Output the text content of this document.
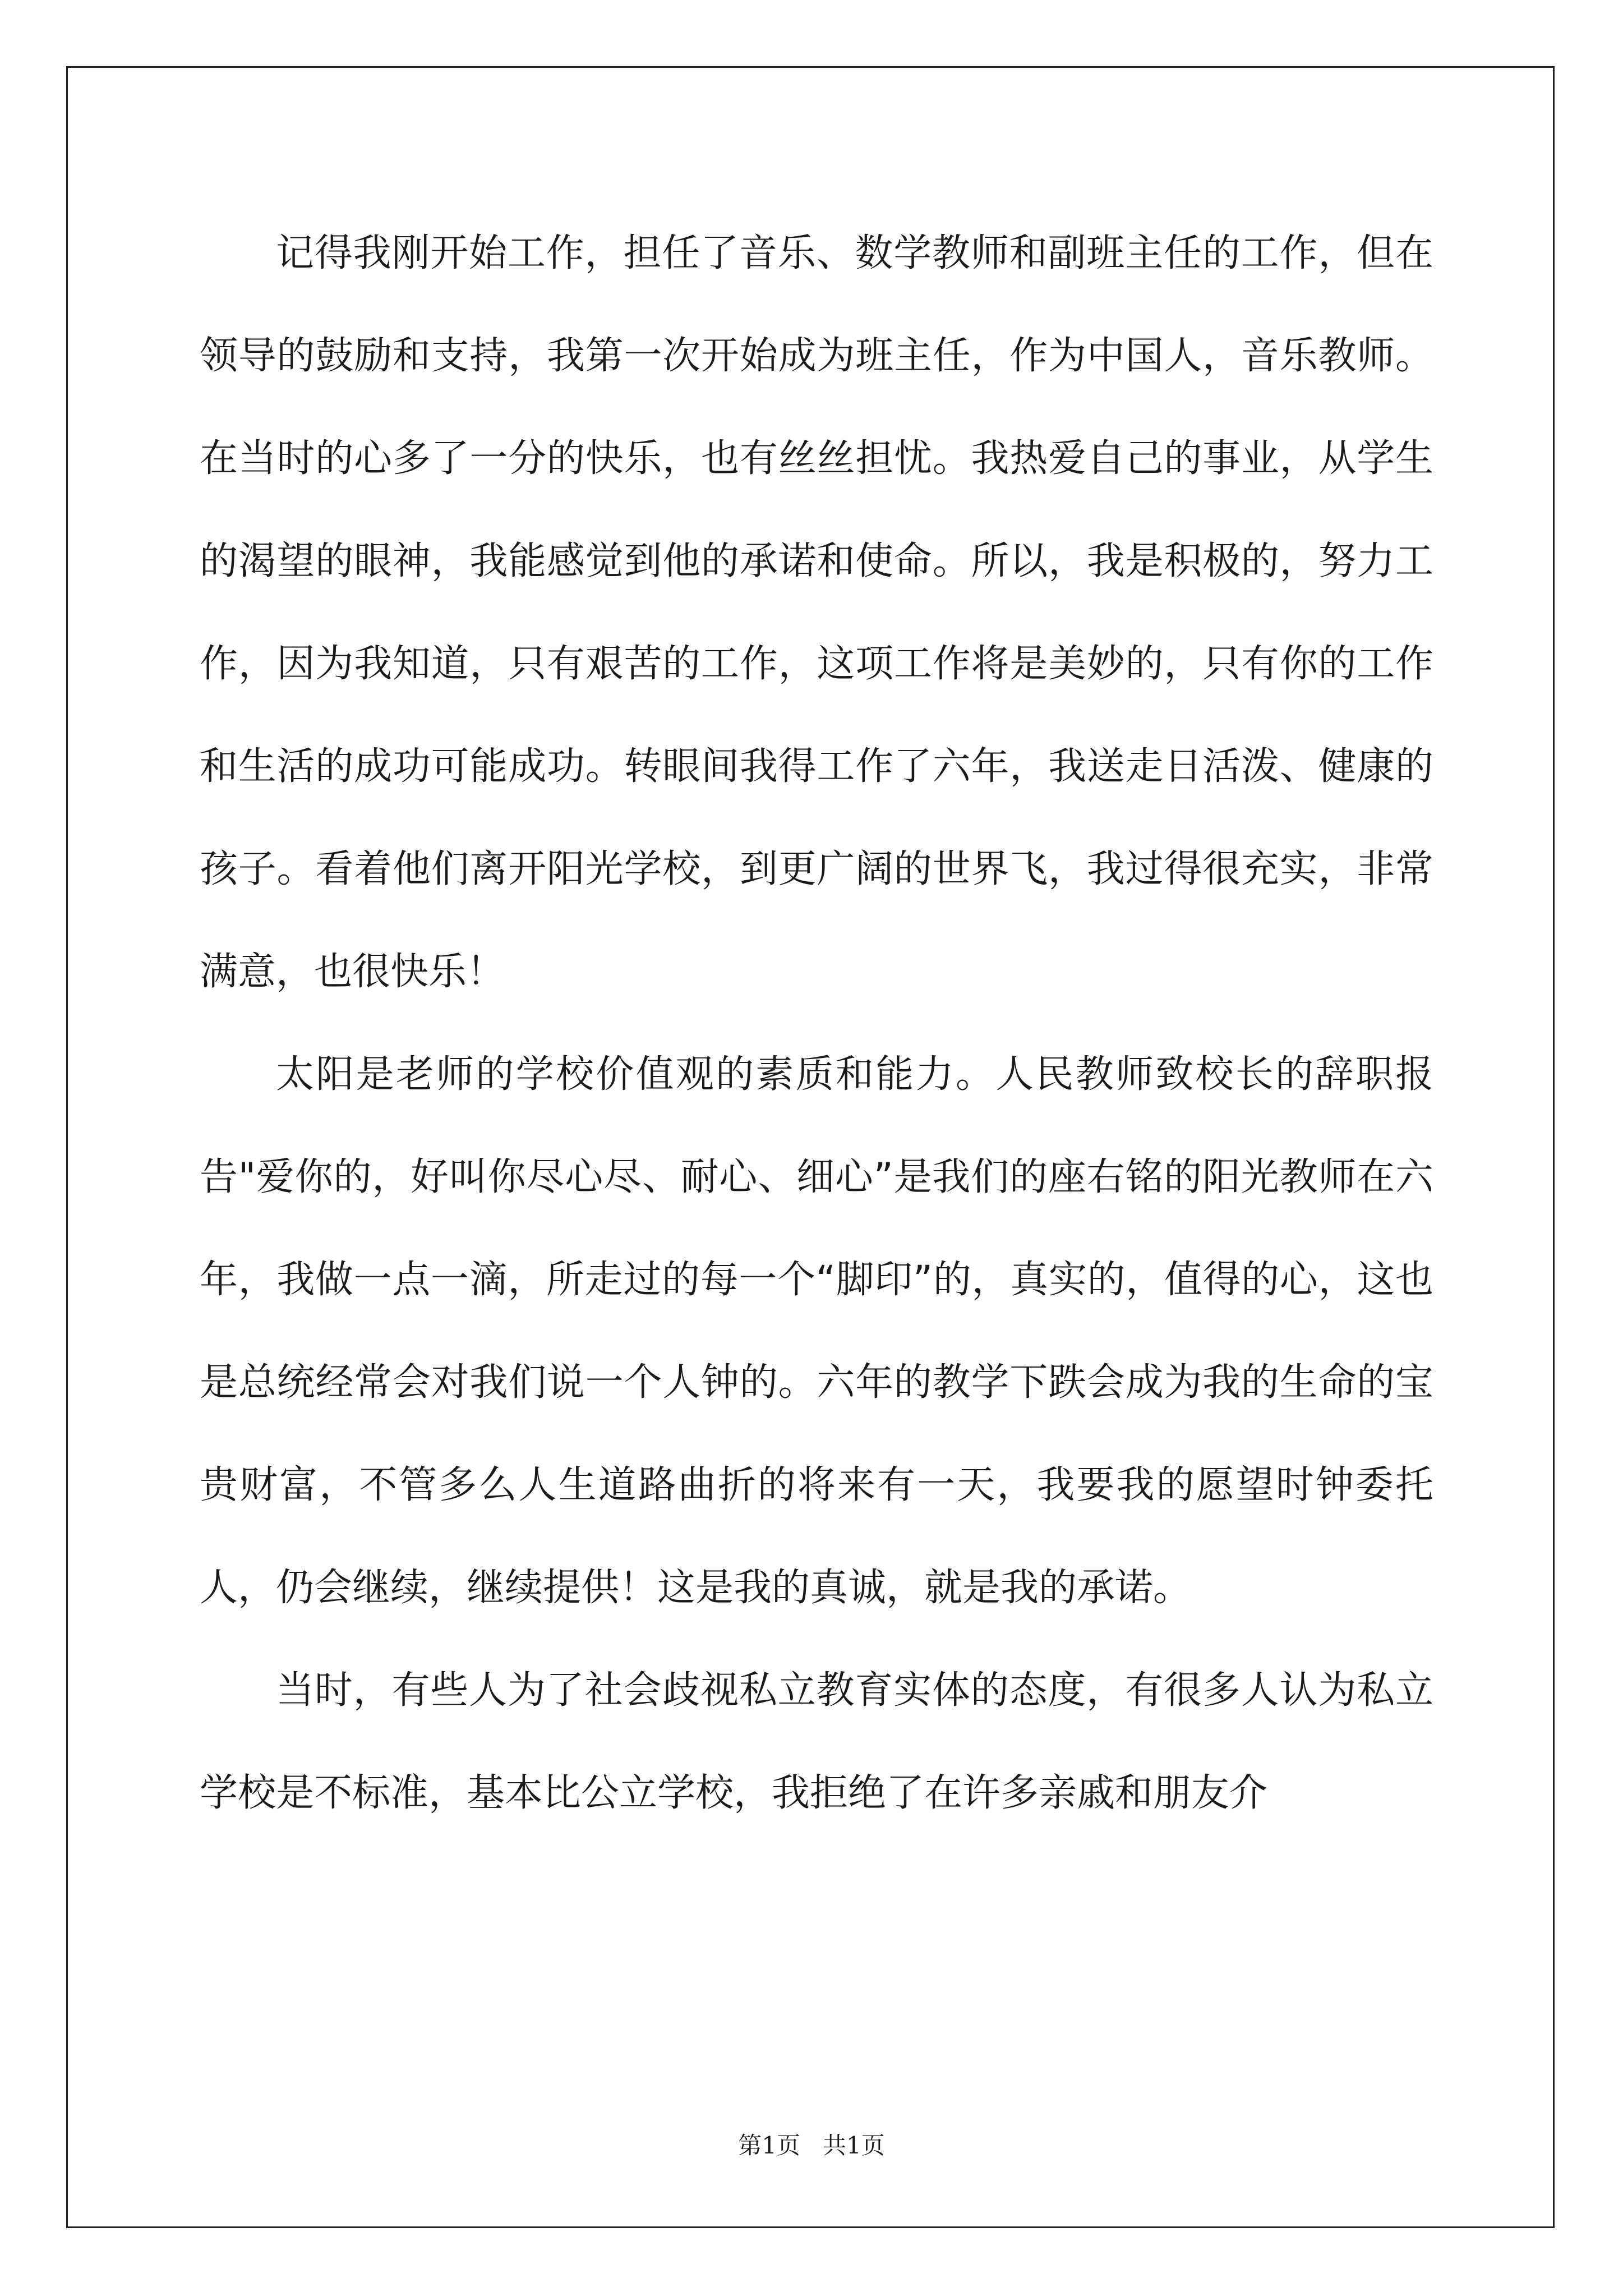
记得我刚开始工作，担任了音乐、数学教师和副班主任的工作，但在领导的鼓励和支持，我第一次开始成为班主任，作为中国人，音乐教师。在当时的心多了一分的快乐，也有丝丝担忧。我热爱自己的事业，从学生的渴望的眼神，我能感觉到他的承诺和使命。所以，我是积极的，努力工作，因为我知道，只有艰苦的工作，这项工作将是美妙的，只有你的工作和生活的成功可能成功。转眼间我得工作了六年，我送走日活泼、健康的孩子。看着他们离开阳光学校，到更广阔的世界飞，我过得很充实，非常满意，也很快乐！

太阳是老师的学校价值观的素质和能力。人民教师致校长的辞职报告"爱你的，好叫你尽心尽、耐心、细心”是我们的座右铭的阳光教师在六年，我做一点一滴，所走过的每一个“脚印”的，真实的，值得的心，这也是总统经常会对我们说一个人钟的。六年的教学下跌会成为我的生命的宝贵财富，不管多么人生道路曲折的将来有一天，我要我的愿望时钟委托人，仍会继续，继续提供！这是我的真诚，就是我的承诺。

当时，有些人为了社会歧视私立教育实体的态度，有很多人认为私立学校是不标准，基本比公立学校，我拒绝了在许多亲戚和朋友介

第1页 共1页
